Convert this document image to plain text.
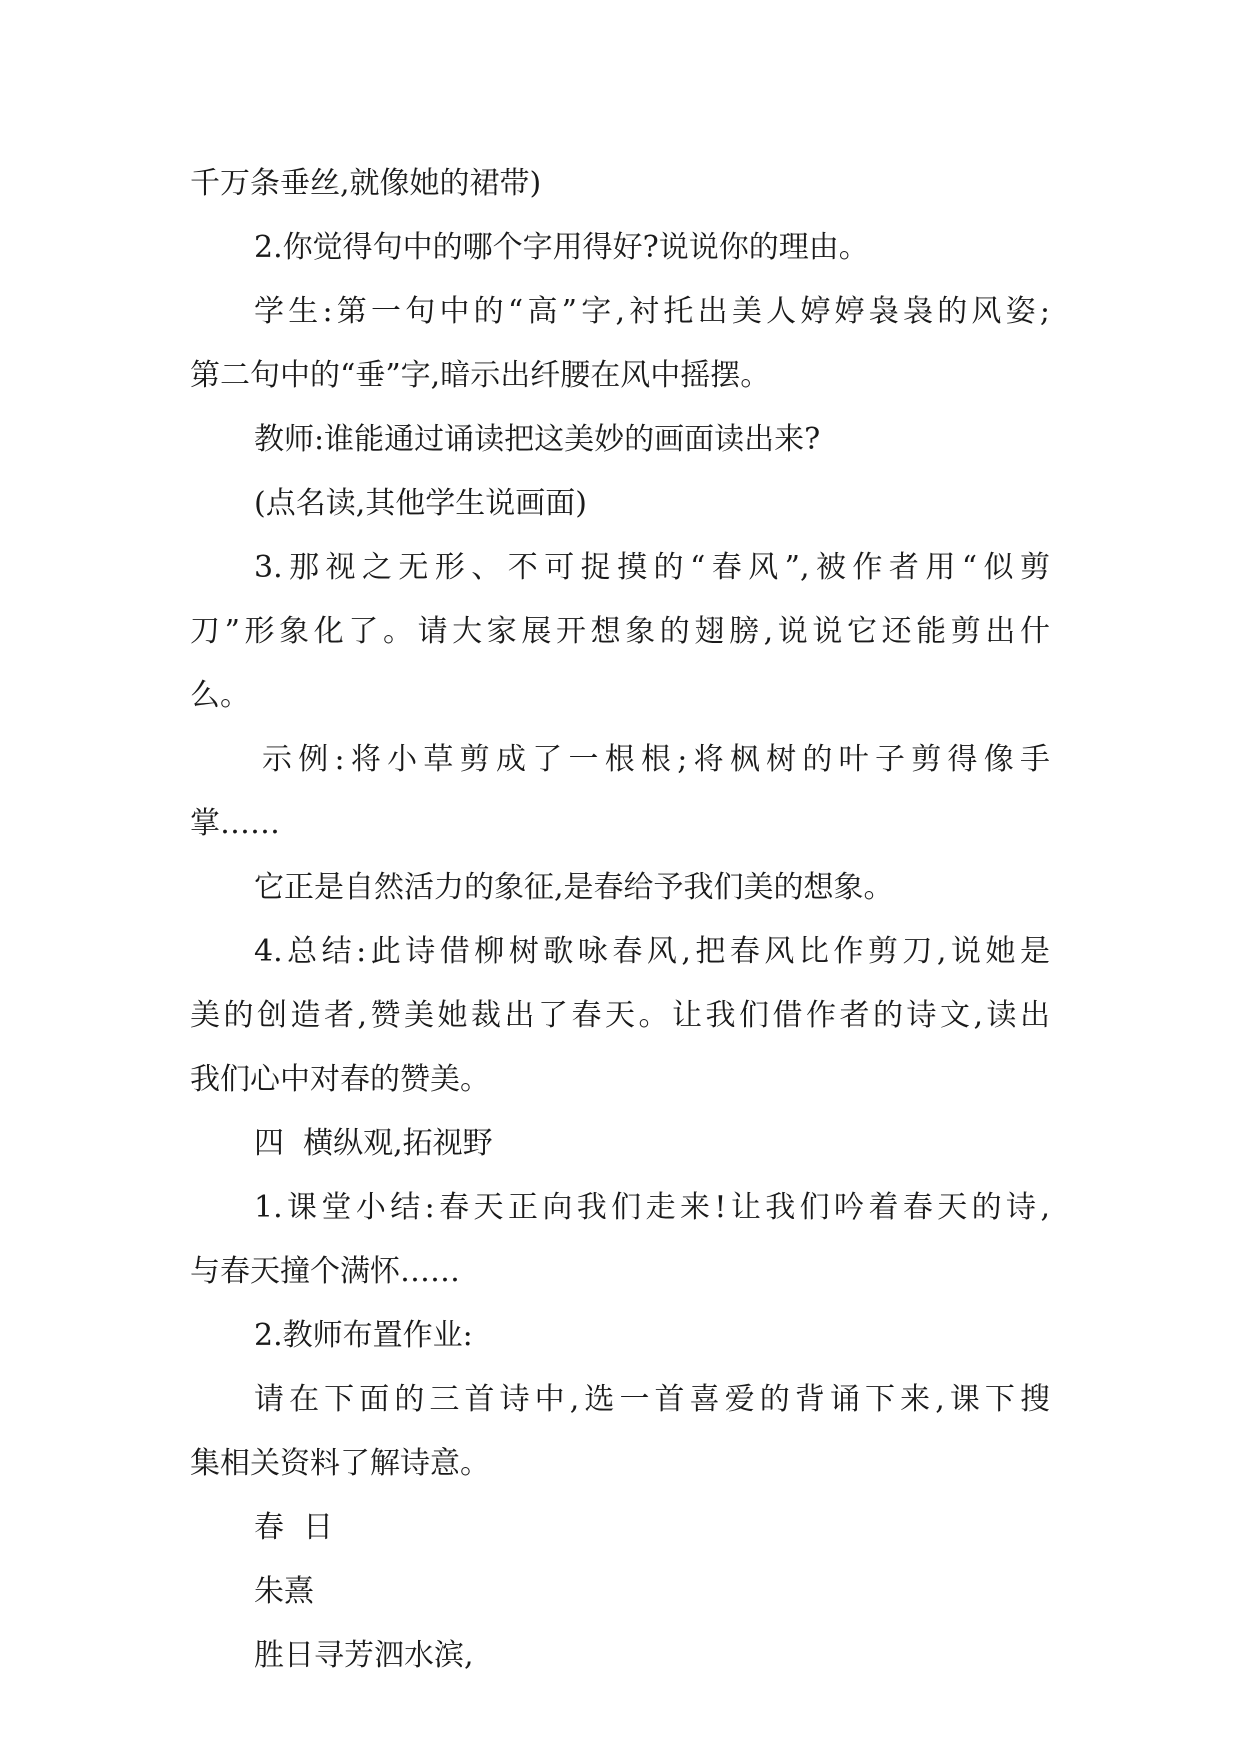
千万条垂丝,就像她的裙带)

2.你觉得句中的哪个字用得好?说说你的理由。

学生:第一句中的“高”字,衬托出美人婷婷袅袅的风姿;

第二句中的“垂”字,暗示出纤腰在风中摇摆。

教师:谁能通过诵读把这美妙的画面读出来?

(点名读,其他学生说画面)

3.那视之无形、不可捉摸的“春风”,被作者用“似剪

刀”形象化了。请大家展开想象的翅膀,说说它还能剪出什

么。

示例:将小草剪成了一根根;将枫树的叶子剪得像手

掌……

它正是自然活力的象征,是春给予我们美的想象。

4.总结:此诗借柳树歌咏春风,把春风比作剪刀,说她是

美的创造者,赞美她裁出了春天。让我们借作者的诗文,读出

我们心中对春的赞美。

四  横纵观,拓视野

1.课堂小结:春天正向我们走来!让我们吟着春天的诗,

与春天撞个满怀……

2.教师布置作业:

请在下面的三首诗中,选一首喜爱的背诵下来,课下搜

集相关资料了解诗意。

春  日

朱熹

胜日寻芳泗水滨,
